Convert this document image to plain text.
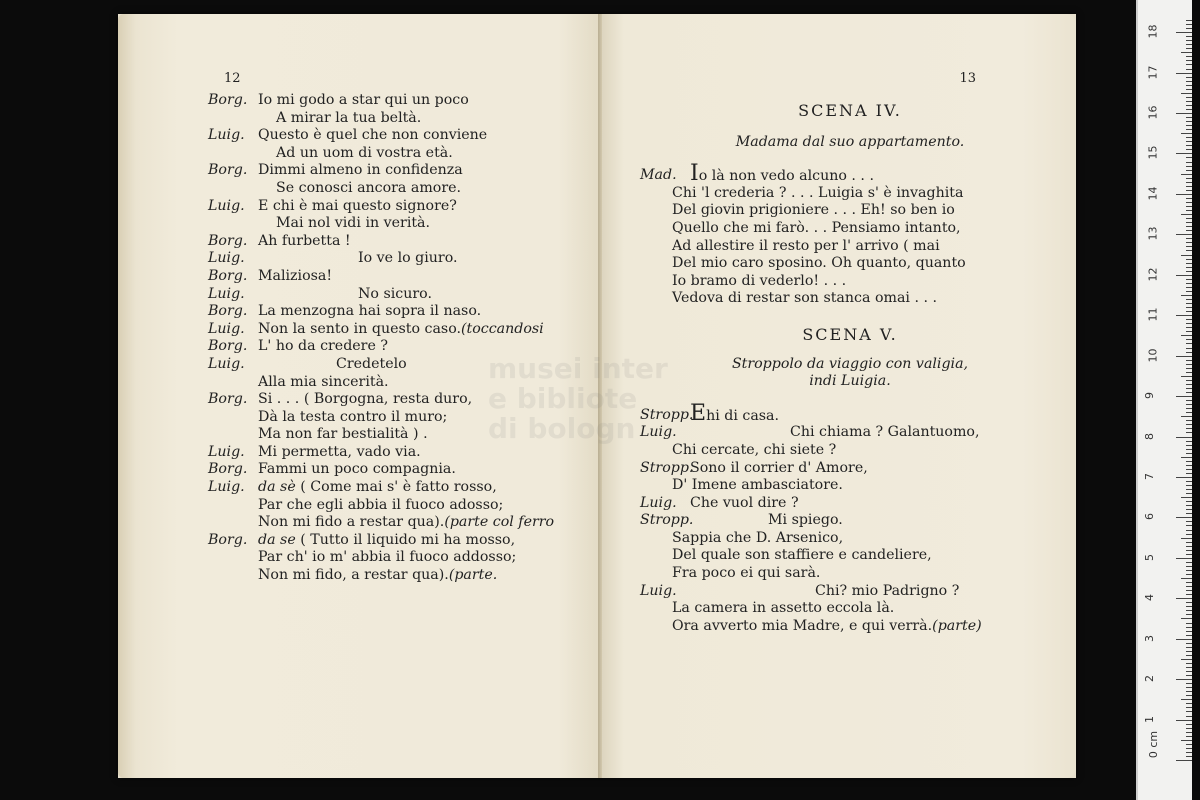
12
Borg. Io mi godo a star qui un poco
A mirar la tua beltà.
Luig. Questo è quel che non conviene
Ad un uom di vostra età.
Borg. Dimmi almeno in confidenza
Se conosci ancora amore.
Luig. E chi è mai questo signore?
Mai nol vidi in verità.
Borg. Ah furbetta !
Luig.	Io ve lo giuro.
Borg. Maliziosa!
Luig.	No sicuro.
Borg. La menzogna hai sopra il naso.
Luig. Non la sento in questo caso.(toccandosi
Borg. L' ho da credere ?
Luig.	Credetelo
Alla mia sincerità.
Borg. Si . . . ( Borgogna, resta duro,
Dà la testa contro il muro;
Ma non far bestialità ) .
Luig. Mi permetta, vado via.
Borg. Fammi un poco compagnia.
Luig. da sè ( Come mai s' è fatto rosso,
Par che egli abbia il fuoco adosso;
Non mi fido a restar qua).(parte col ferro
Borg. da se ( Tutto il liquido mi ha mosso,
Par ch' io m' abbia il fuoco addosso;
Non mi fido, a restar qua).(parte.
13
SCENA IV.
Madama dal suo appartamento.
Mad. Io là non vedo alcuno . . .
Chi 'l crederia ? . . . Luigia s' è invaghita
Del giovin prigioniere . . . Eh! so ben io
Quello che mi farò. . . Pensiamo intanto,
Ad allestire il resto per l' arrivo ( mai
Del mio caro sposino. Oh quanto, quanto
Io bramo di vederlo! . . .
Vedova di restar son stanca omai . . .
SCENA V.
Stroppolo da viaggio con valigia,
indi Luigia.
Stropp.
Ehi di casa.
Luig.	Chi chiama ? Galantuomo,
Chi cercate, chi siete ?
Stropp.
Sono il corrier d' Amore,
D' Imene ambasciatore.
Luig. Che vuol dire ?
Stropp.	Mi spiego.
Sappia che D. Arsenico,
Del quale son staffiere e candeliere,
Fra poco ei qui sarà.
Luig.	Chi? mio Padrigno ?
La camera in assetto eccola là.
Ora avverto mia Madre, e qui verrà.(parte)
musei inter
e bibliote
di bologn
0 cm
1
2
3
4
5
6
7
8
9
10
11
12
13
14
15
16
17
18
